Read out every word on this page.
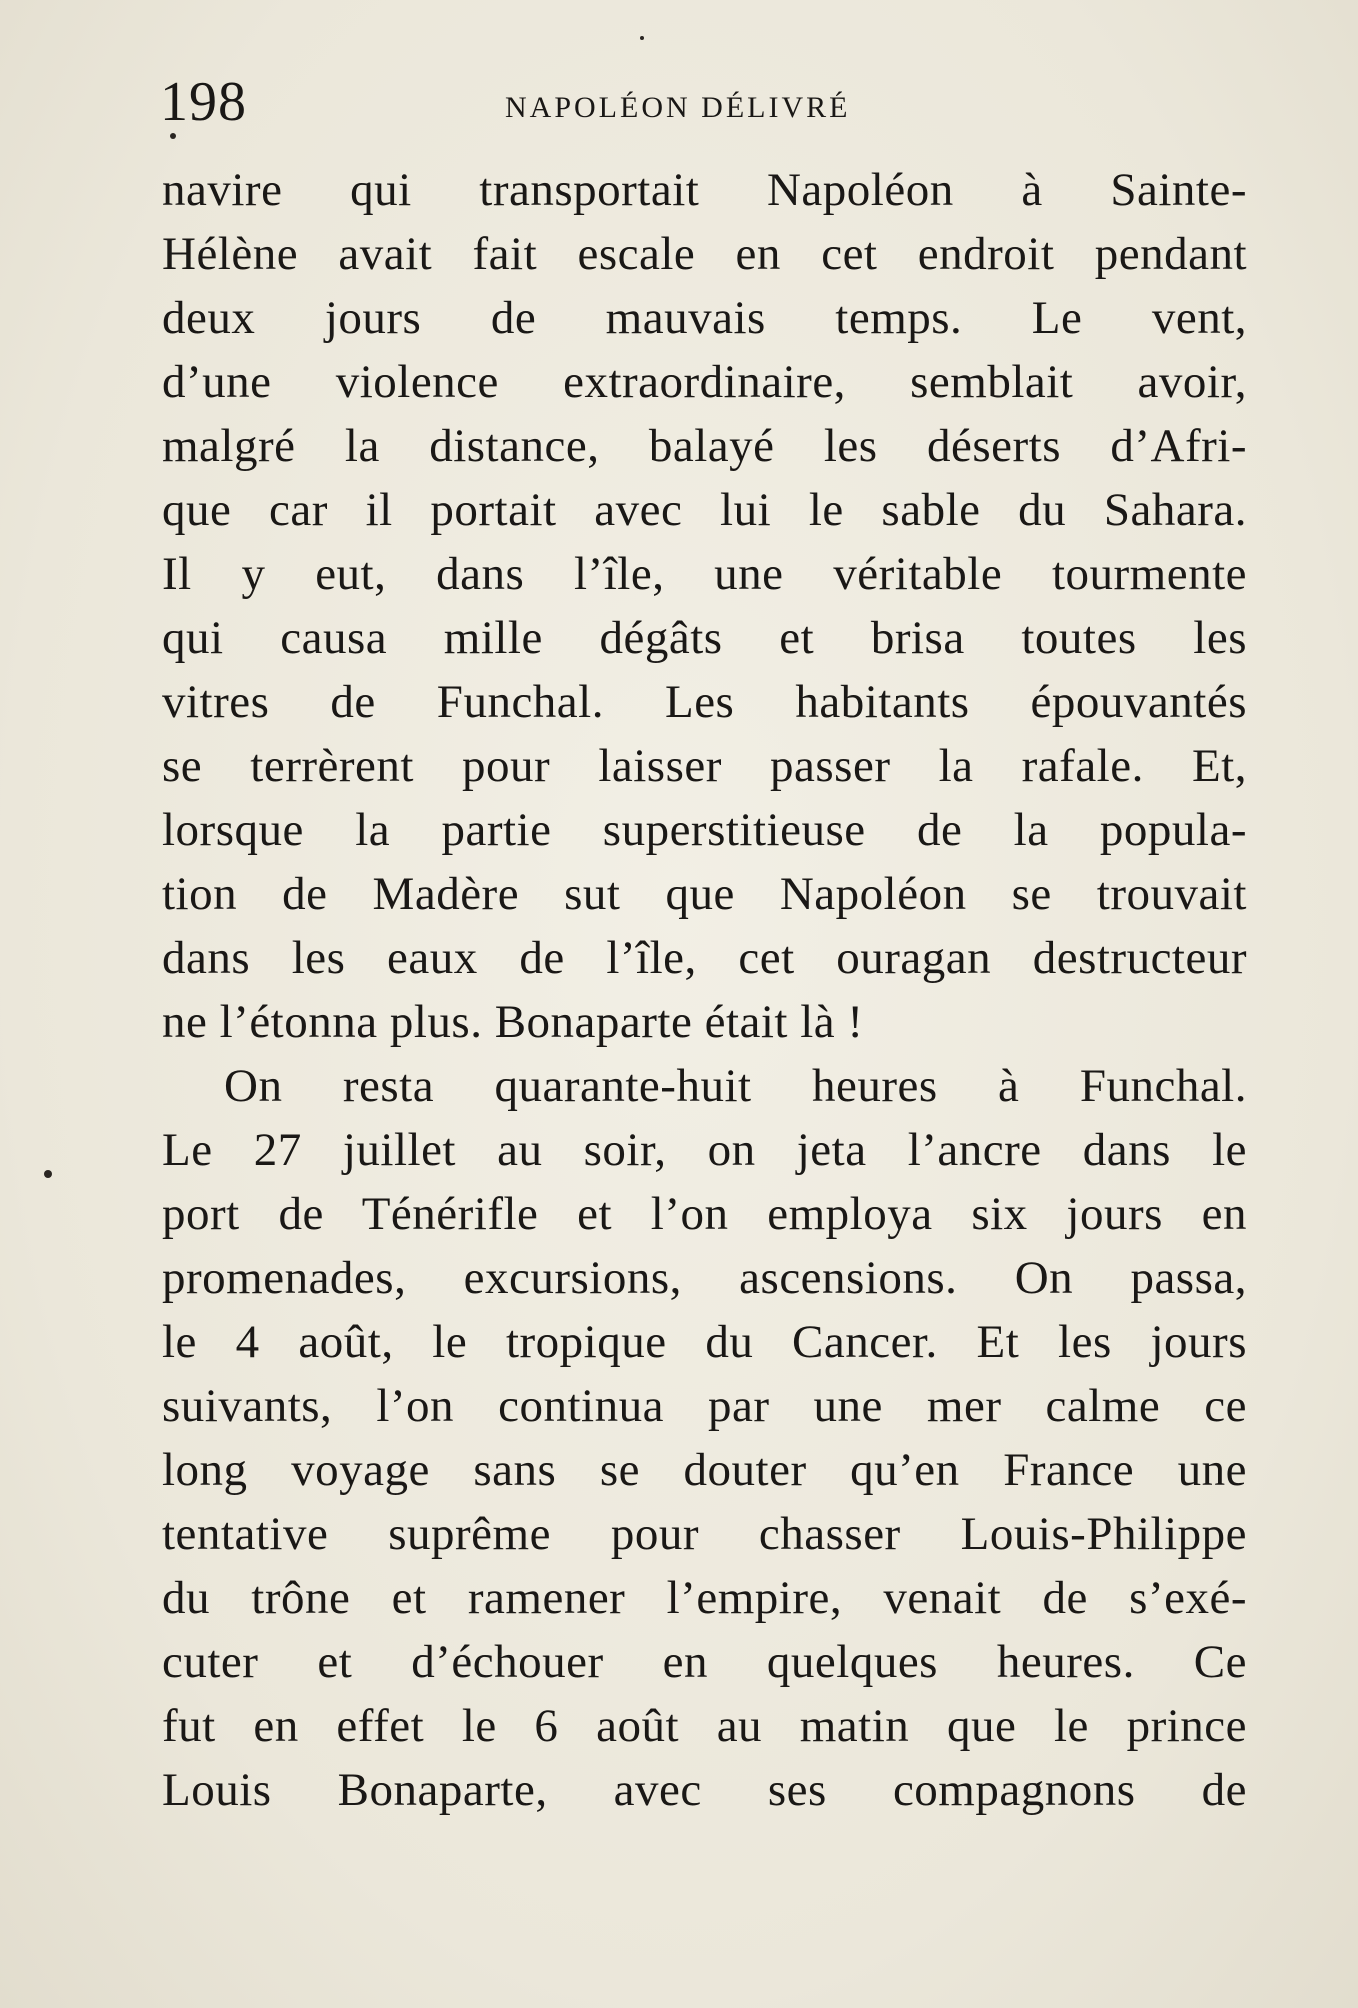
198	NAPOLÉON DÉLIVRÉ
navire qui transportait Napoléon à Sainte-
Hélène avait fait escale en cet endroit pendant
deux jours de mauvais temps. Le vent,
d’une violence extraordinaire, semblait avoir,
malgré la distance, balayé les déserts d’Afri-
que car il portait avec lui le sable du Sahara.
Il y eut, dans l’île, une véritable tourmente
qui causa mille dégâts et brisa toutes les
vitres de Funchal. Les habitants épouvantés
se terrèrent pour laisser passer la rafale. Et,
lorsque la partie superstitieuse de la popula-
tion de Madère sut que Napoléon se trouvait
dans les eaux de l’île, cet ouragan destructeur
ne l’étonna plus. Bonaparte était là !
On resta quarante-huit heures à Funchal.
Le 27 juillet au soir, on jeta l’ancre dans le
port de Ténérifle et l’on employa six jours en
promenades, excursions, ascensions. On passa,
le 4 août, le tropique du Cancer. Et les jours
suivants, l’on continua par une mer calme ce
long voyage sans se douter qu’en France une
tentative suprême pour chasser Louis-Philippe
du trône et ramener l’empire, venait de s’exé-
cuter et d’échouer en quelques heures. Ce
fut en effet le 6 août au matin que le prince
Louis Bonaparte, avec ses compagnons de
